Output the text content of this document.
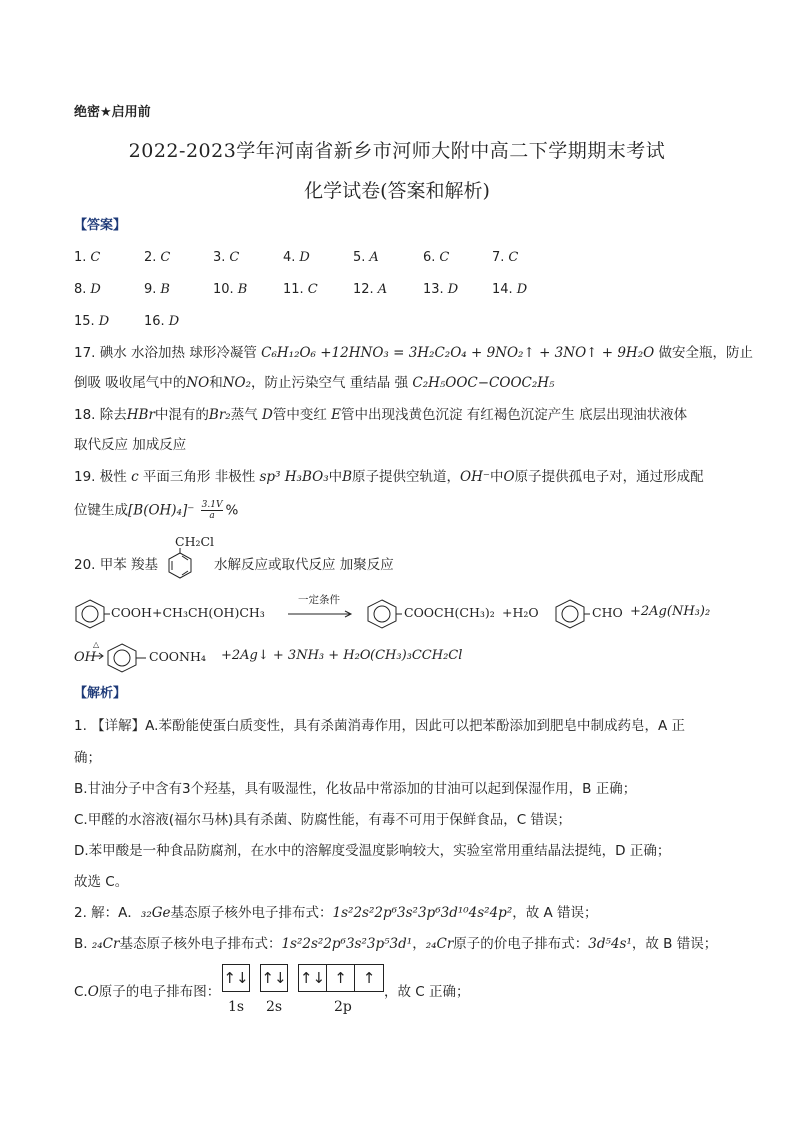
绝密★启用前
2022-2023学年河南省新乡市河师大附中高二下学期期末考试
化学试卷(答案和解析)
【答案】
1. C	2. C	3. C	4. D	5. A	6. C	7. C
8. D	9. B	10. B	11. C	12. A	13. D	14. D
15. D	16. D
17. 碘水 水浴加热 球形冷凝管 C₆H₁₂O₆ +12HNO₃ = 3H₂C₂O₄ + 9NO₂↑ + 3NO↑ + 9H₂O 做安全瓶，防止
倒吸 吸收尾气中的NO和NO₂，防止污染空气 重结晶 强 C₂H₅OOC−COOC₂H₅
18. 除去HBr中混有的Br₂蒸气 D管中变红 E管中出现浅黄色沉淀 有红褐色沉淀产生 底层出现油状液体
取代反应 加成反应
19. 极性 c 平面三角形 非极性 sp³ H₃BO₃中B原子提供空轨道，OH⁻中O原子提供孤电子对，通过形成配
位键生成$[B(OH)_4]^- \frac{3.1V}{a}$ %
20. 甲苯 羧基
CH₂Cl
水解反应或取代反应 加聚反应
COOH +CH₃CH(OH)CH₃
一定条件
COOCH(CH₃)₂ +H₂O	CHO +2Ag(NH₃)₂
OH
△
COONH₄ +2Ag↓ + 3NH₃ + H₂O (CH₃)₃CCH₂Cl
【解析】
1. 【详解】A.苯酚能使蛋白质变性，具有杀菌消毒作用，因此可以把苯酚添加到肥皂中制成药皂，A 正
确；
B.甘油分子中含有3个羟基，具有吸湿性，化妆品中常添加的甘油可以起到保湿作用，B 正确；
C.甲醛的水溶液(福尔马林)具有杀菌、防腐性能，有毒不可用于保鲜食品，C 错误；
D.苯甲酸是一种食品防腐剂，在水中的溶解度受温度影响较大，实验室常用重结晶法提纯，D 正确；
故选 C。
2. 解：A．₃₂Ge基态原子核外电子排布式：1s²2s²2p⁶3s²3p⁶3d¹⁰4s²4p²，故 A 错误；
B. ₂₄Cr基态原子核外电子排布式：1s²2s²2p⁶3s²3p⁵3d¹，₂₄Cr原子的价电子排布式：3d⁵4s¹，故 B 错误；
C.O原子的电子排布图：
↑↓ ↑↓ ↑↓ ↑	↑
1s 2s	2p
，故 C 正确；
